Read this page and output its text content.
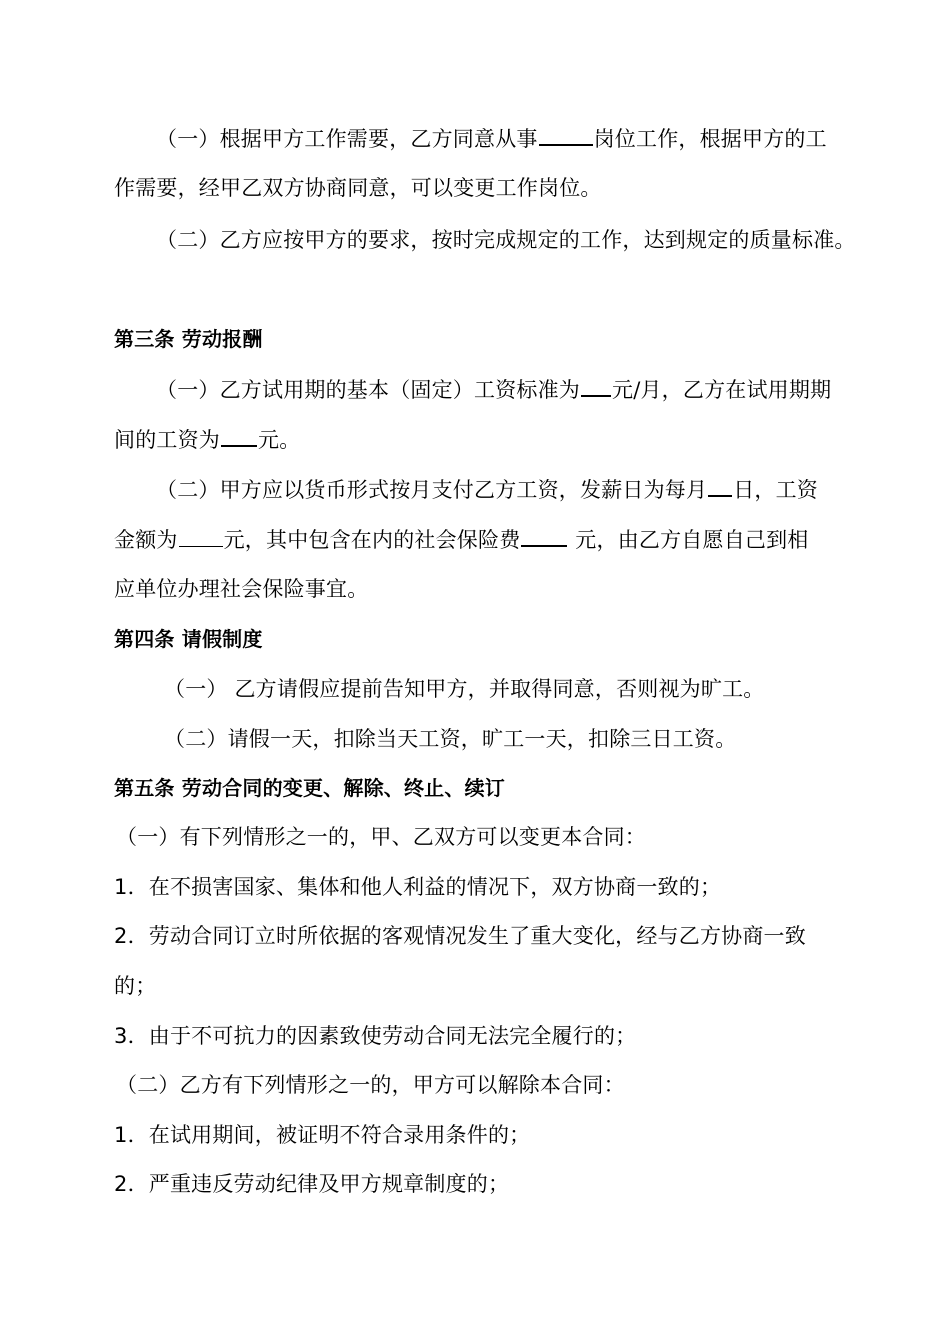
（一）根据甲方工作需要，乙方同意从事	岗位工作，根据甲方的工
作需要，经甲乙双方协商同意，可以变更工作岗位。
（二）乙方应按甲方的要求，按时完成规定的工作，达到规定的质量标准。
第三条 劳动报酬
（一）乙方试用期的基本（固定）工资标准为 元/月，乙方在试用期期
间的工资为 元。
（二）甲方应以货币形式按月支付乙方工资，发薪日为每月 日，工资
金额为 元，其中包含在内的社会保险费 元，由乙方自愿自己到相
应单位办理社会保险事宜。
第四条 请假制度
（一） 乙方请假应提前告知甲方，并取得同意，否则视为旷工。
（二）请假一天，扣除当天工资，旷工一天，扣除三日工资。
第五条 劳动合同的变更、解除、终止、续订
（一）有下列情形之一的，甲、乙双方可以变更本合同：
1．在不损害国家、集体和他人利益的情况下，双方协商一致的；
2．劳动合同订立时所依据的客观情况发生了重大变化，经与乙方协商一致
的；
3．由于不可抗力的因素致使劳动合同无法完全履行的；
（二）乙方有下列情形之一的，甲方可以解除本合同：
1．在试用期间，被证明不符合录用条件的；
2．严重违反劳动纪律及甲方规章制度的；
